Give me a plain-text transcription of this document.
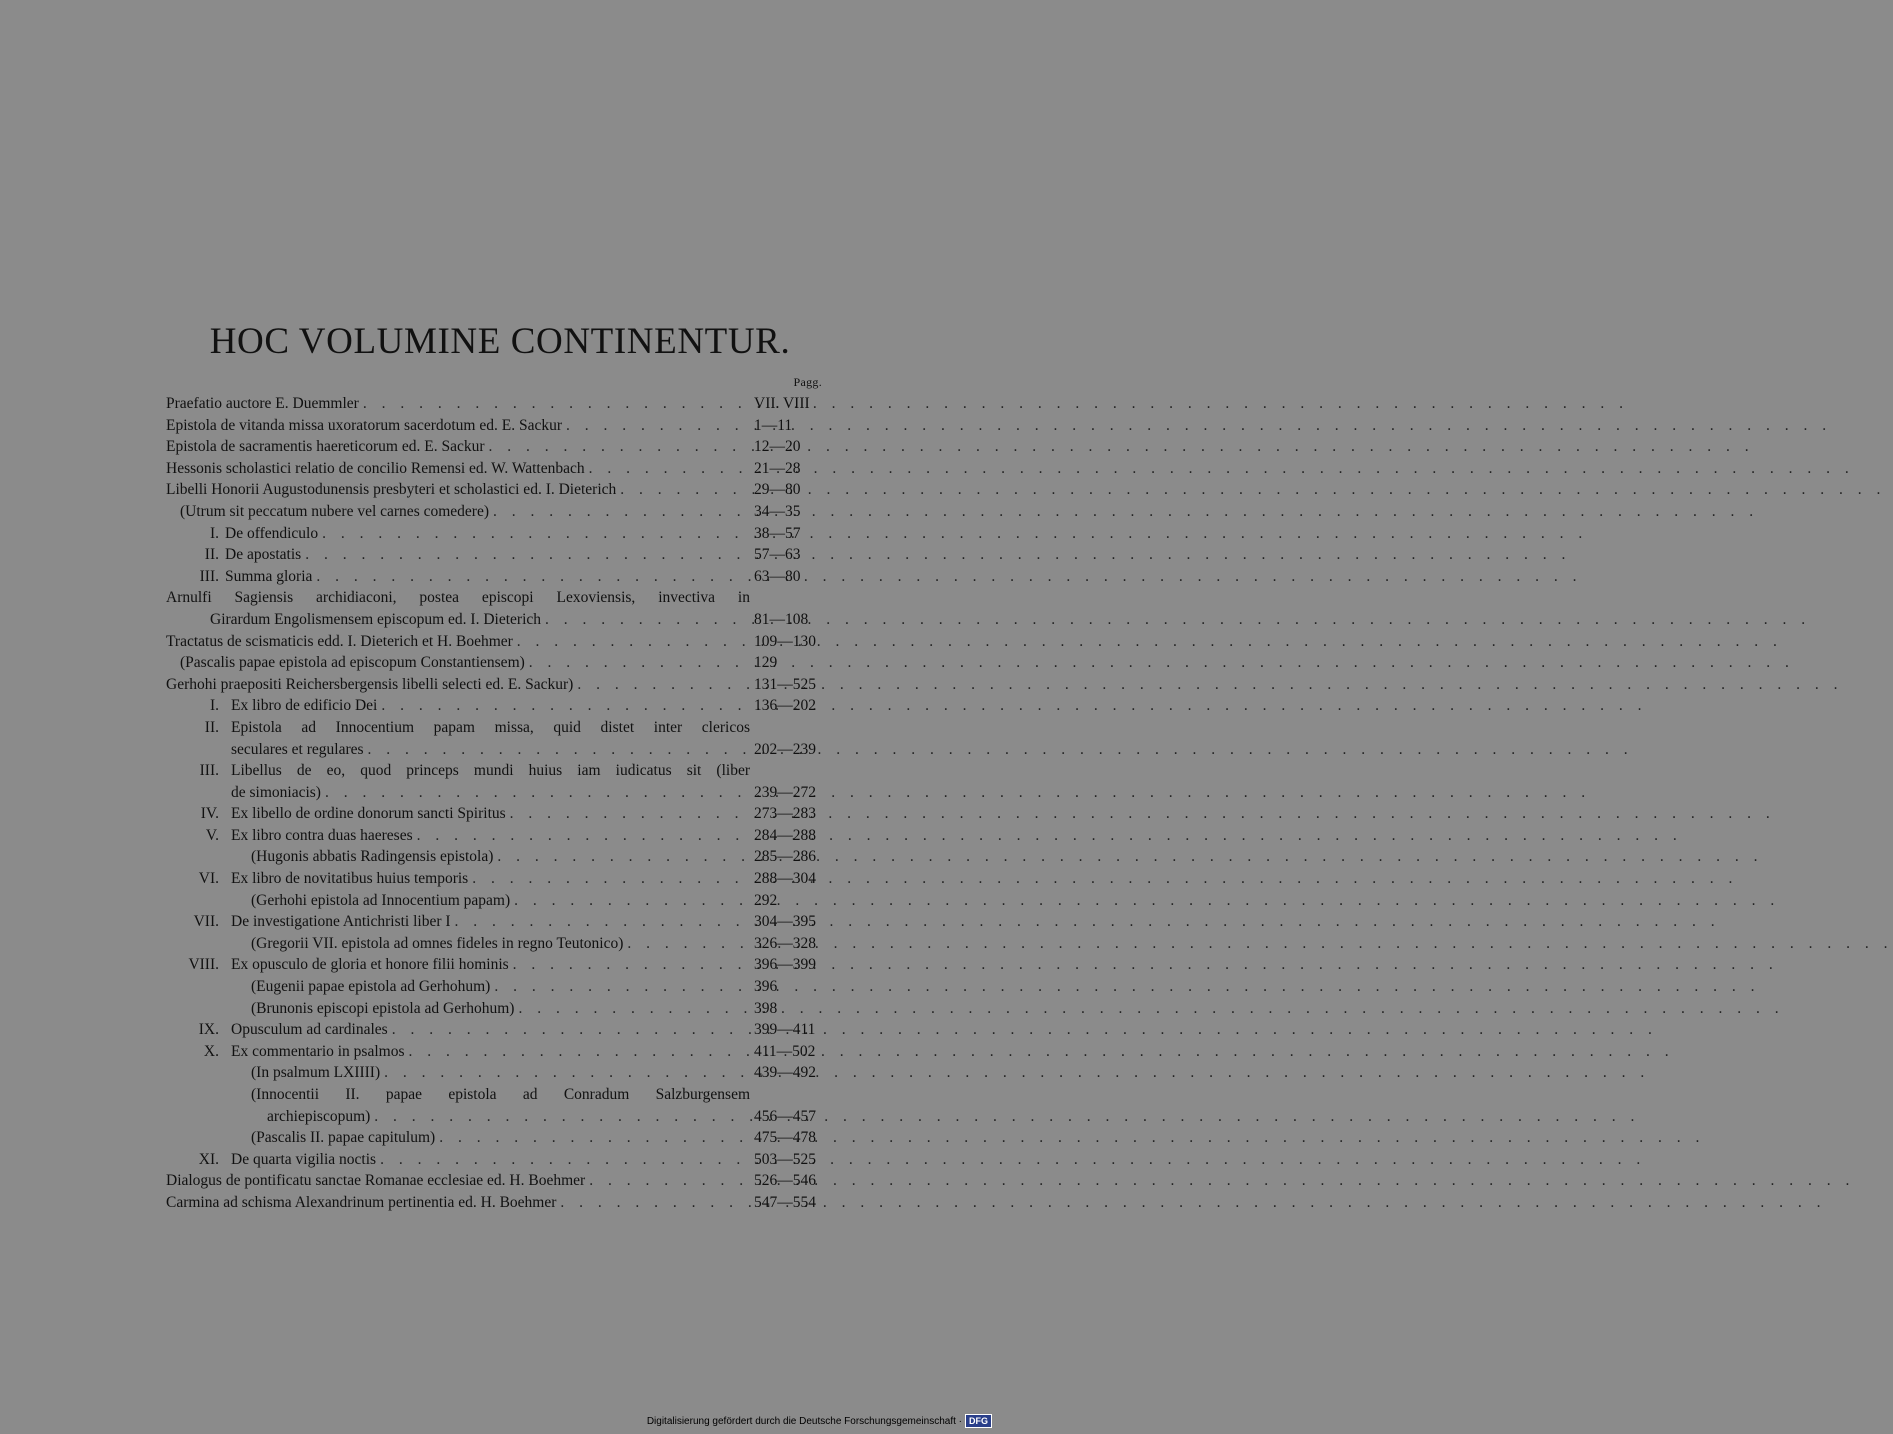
HOC VOLUMINE CONTINENTUR.
Pagg.
Praefatio auctore E. Duemmler . . .	VII. VIII
Epistola de vitanda missa uxoratorum sacerdotum ed. E. Sackur . . .	1—11
Epistola de sacramentis haereticorum ed. E. Sackur . . .	12—20
Hessonis scholastici relatio de concilio Remensi ed. W. Wattenbach . . .	21—28
Libelli Honorii Augustodunensis presbyteri et scholastici ed. I. Dieterich . . .	29—80
(Utrum sit peccatum nubere vel carnes comedere) . . .	34—35
I. De offendiculo . . .	38—57
II. De apostatis . . .	57—63
III. Summa gloria . . .	63—80
Arnulfi Sagiensis archidiaconi, postea episcopi Lexoviensis, invectiva in
Girardum Engolismensem episcopum ed. I. Dieterich . . .	81—108
Tractatus de scismaticis edd. I. Dieterich et H. Boehmer . . .	109—130
(Pascalis papae epistola ad episcopum Constantiensem) . . .	129
Gerhohi praepositi Reichersbergensis libelli selecti ed. E. Sackur) . . .	131—525
I. Ex libro de edificio Dei . . .	136—202
II. Epistola ad Innocentium papam missa, quid distet inter clericos
seculares et regulares . . .	202—239
III. Libellus de eo, quod princeps mundi huius iam iudicatus sit (liber
de simoniacis) . . .	239—272
IV. Ex libello de ordine donorum sancti Spiritus . . .	273—283
V. Ex libro contra duas haereses . . .	284—288
(Hugonis abbatis Radingensis epistola) . . .	285—286
VI. Ex libro de novitatibus huius temporis . . .	288—304
(Gerhohi epistola ad Innocentium papam) . . .	292
VII. De investigatione Antichristi liber I . . .	304—395
(Gregorii VII. epistola ad omnes fideles in regno Teutonico) . . .	326—328
VIII. Ex opusculo de gloria et honore filii hominis . . .	396—399
(Eugenii papae epistola ad Gerhohum) . . .	396
(Brunonis episcopi epistola ad Gerhohum) . . .	398
IX. Opusculum ad cardinales . . .	399—411
X. Ex commentario in psalmos . . .	411—502
(In psalmum LXIIII) . . .	439—492
(Innocentii II. papae epistola ad Conradum Salzburgensem
archiepiscopum) . . .	456—457
(Pascalis II. papae capitulum) . . .	475—478
XI. De quarta vigilia noctis . . .	503—525
Dialogus de pontificatu sanctae Romanae ecclesiae ed. H. Boehmer . . .	526—546
Carmina ad schisma Alexandrinum pertinentia ed. H. Boehmer . . .	547—554
Digitalisierung gefördert durch die Deutsche Forschungsgemeinschaft · DFG
